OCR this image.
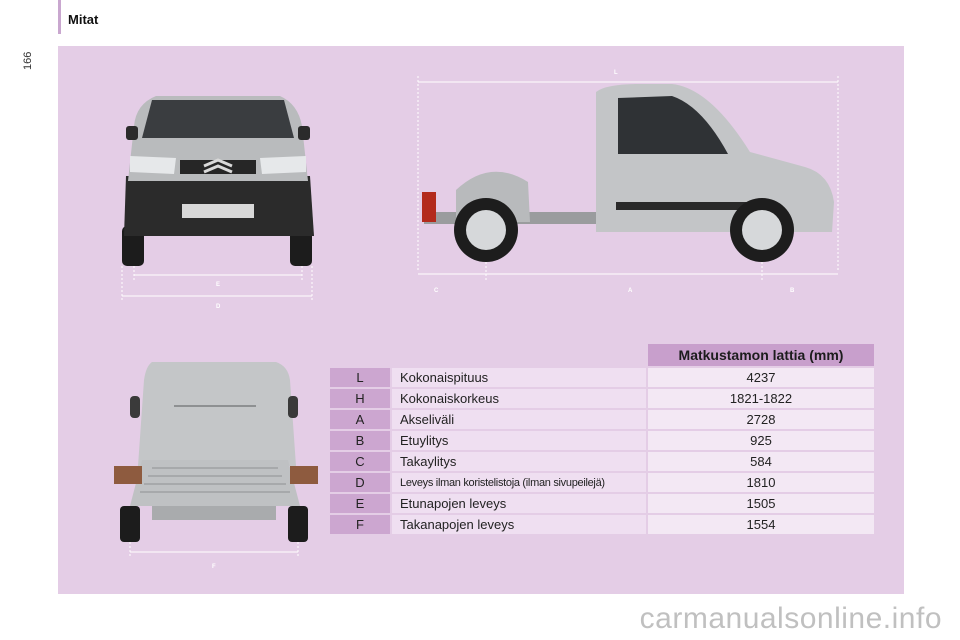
Mitat
166
E
D
L
C	A	B
F
		Matkustamon lattia (mm)
L	Kokonaispituus	4237
H	Kokonaiskorkeus	1821-1822
A	Akseliväli	2728
B	Etuylitys	925
C	Takaylitys	584
D	Leveys ilman koristelistoja (ilman sivupeilejä)	1810
E	Etunapojen leveys	1505
F	Takanapojen leveys	1554
carmanualsonline.info
